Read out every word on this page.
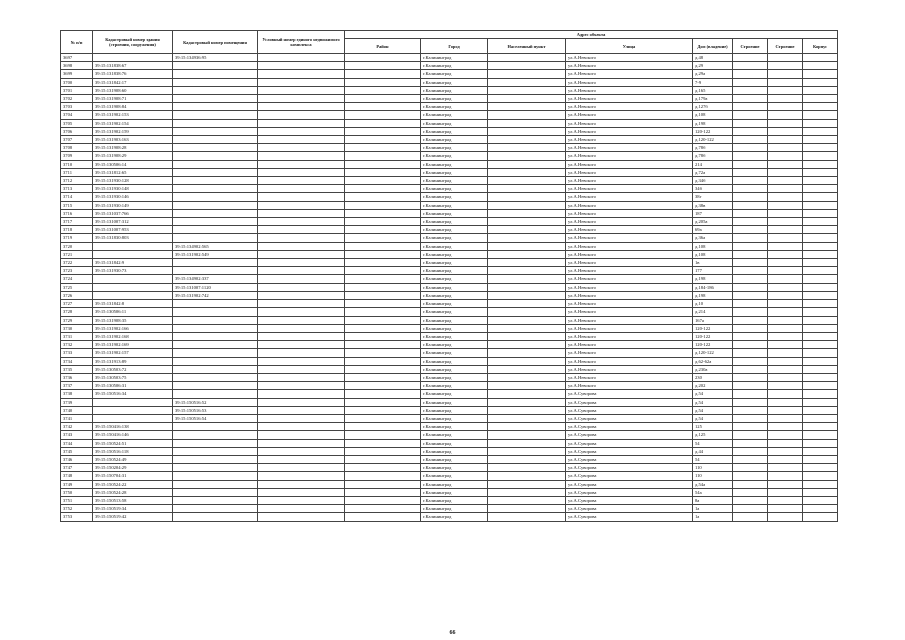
№ п/п	Кадастровый номер здания (строения, сооружения)	Кадастровый номер помещения	Условный номер единого недвижимого комплекса	Адрес объекта							
				Район	Город	Населенный пункт	Улица	Дом (владение)	Строение	Строение	Корпус
3697		39:15:134936:95			г.Калининград		ул.А.Невского	д.48			
3698	39:15:131838:67				г.Калининград		ул.А.Невского	д.29			
3699	39:15:131838:76				г.Калининград		ул.А.Невского	д.29а			
3700	39:15:131842:17				г.Калининград		ул.А.Невского	7-9			
3701	39:15:131908:60				г.Калининград		ул.А.Невского	д.165			
3702	39:15:131908:71				г.Калининград		ул.А.Невского	д.179а			
3703	39:15:131908:84				г.Калининград		ул.А.Невского	д.127б			
3704	39:15:131902:153				г.Калининград		ул.А.Невского	д.108			
3705	39:15:131902:154				г.Калининград		ул.А.Невского	д.198			
3706	39:15:131902:159				г.Калининград		ул.А.Невского	120-122			
3707	39:15:131903:163				г.Калининград		ул.А.Невского	д.120-122			
3708	39:15:131908:28				г.Калининград		ул.А.Невского	д.78б			
3709	39:15:131908:29				г.Калининград		ул.А.Невского	д.78б			
3710	39:15:130506:14				г.Калининград		ул.А.Невского	214			
3711	39:15:131812:65				г.Калининград		ул.А.Невского	д.72а			
3712	39:15:131930:128				г.Калининград		ул.А.Невского	д.34б			
3713	39:15:131930:148				г.Калининград		ул.А.Невского	34б			
3714	39:15:131930:146				г.Калининград		ул.А.Невского	38г			
3715	39:15:131930:149				г.Калининград		ул.А.Невского	д.38в			
3716	39:15:131037:766				г.Калининград		ул.А.Невского	187			
3717	39:15:131007:312				г.Калининград		ул.А.Невского	д.205а			
3718	39:15:131007:953				г.Калининград		ул.А.Невского	69а			
3719	39:15:131830:803				г.Калининград		ул.А.Невского	д.36а			
3720		39:15:134902:565			г.Калининград		ул.А.Невского	д.108			
3721		39:15:131902:549			г.Калининград		ул.А.Невского	д.108			
3722	39:15:131842:9				г.Калининград		ул.А.Невского	1в			
3723	39:15:131930:73				г.Калининград		ул.А.Невского	177			
3724		39:15:134902:337			г.Калининград		ул.А.Невского	д.198			
3725		39:15:131007:1120			г.Калининград		ул.А.Невского	д.184-186			
3726		39:15:131902:742			г.Калининград		ул.А.Невского	д.198			
3727	39:15:131842:8				г.Калининград		ул.А.Невского	д.10			
3728	39:15:130506:11				г.Калининград		ул.А.Невского	д.214			
3729	39:15:131908:35				г.Калининград		ул.А.Невского	167а			
3730	39:15:131902:166				г.Калининград		ул.А.Невского	120-122			
3731	39:15:131902:168				г.Калининград		ул.А.Невского	120-122			
3732	39:15:131902:169				г.Калининград		ул.А.Невского	120-122			
3733	39:15:131902:157				г.Калининград		ул.А.Невского	д.120-122			
3734	39:15:131913:89				г.Калининград		ул.А.Невского	д.62-62а			
3735	39:15:130503:72				г.Калининград		ул.А.Невского	д.230а			
3736	39:15:130503:75				г.Калининград		ул.А.Невского	230			
3737	39:15:130506:31				г.Калининград		ул.А.Невского	д.202			
3738	39:15:150516:34				г.Калининград		ул.А.Суворова	д.54			
3739		39:15:150516:52			г.Калининград		ул.А.Суворова	д.54			
3740		39:15:150516:53			г.Калининград		ул.А.Суворова	д.54			
3741		39:15:150516:54			г.Калининград		ул.А.Суворова	д.54			
3742	39:15:150416:138				г.Калининград		ул.А.Суворова	125			
3743	39:15:150416:146				г.Калининград		ул.А.Суворова	д.125			
3744	39:15:150524:51				г.Калининград		ул.А.Суворова	54			
3745	39:15:150516:118				г.Калининград		ул.А.Суворова	д.44			
3746	39:15:150524:49				г.Калининград		ул.А.Суворова	54			
3747	39:15:150204:29				г.Калининград		ул.А.Суворова	110			
3748	39:15:150704:31				г.Калининград		ул.А.Суворова	110			
3749	39:15:150524:22				г.Калининград		ул.А.Суворова	д.54а			
3750	39:15:150524:28				г.Калининград		ул.А.Суворова	54а			
3751	39:15:150513:58				г.Калининград		ул.А.Суворова	8а			
3752	39:15:150519:34				г.Калининград		ул.А.Суворова	1а			
3753	39:15:150519:42				г.Калининград		ул.А.Суворова	1а			
66
